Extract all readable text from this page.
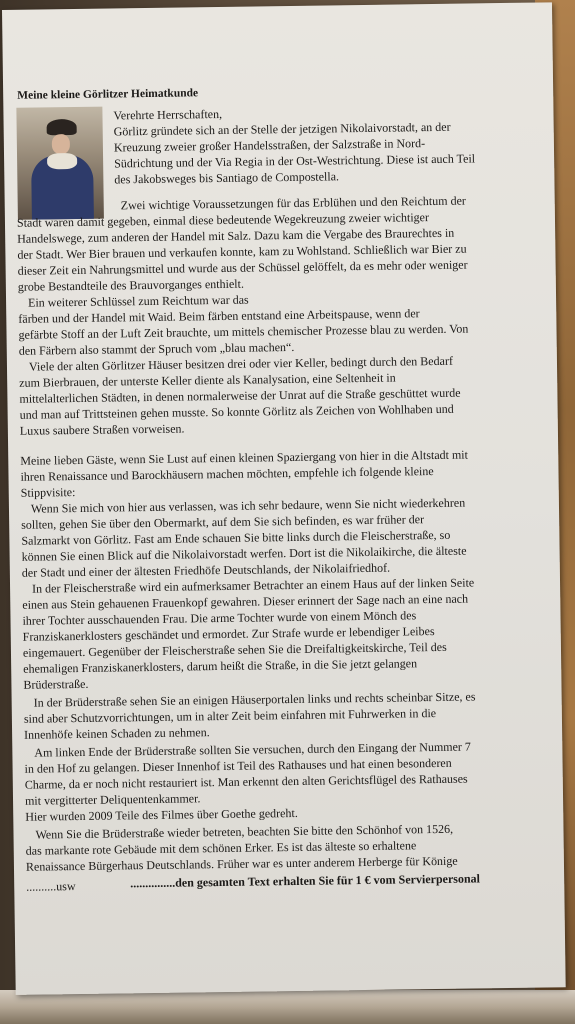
Meine kleine Görlitzer Heimatkunde
Verehrte Herrschaften,
Görlitz gründete sich an der Stelle der jetzigen Nikolaivorstadt, an der
Kreuzung zweier großer Handelsstraßen, der Salzstraße in Nord-
Südrichtung und der Via Regia in der Ost-Westrichtung. Diese ist auch Teil
des Jakobsweges bis Santiago de Compostella.
Zwei wichtige Voraussetzungen für das Erblühen und den Reichtum der
Stadt waren damit gegeben, einmal diese bedeutende Wegekreuzung zweier wichtiger
Handelswege, zum anderen der Handel mit Salz. Dazu kam die Vergabe des Braurechtes in
der Stadt. Wer Bier brauen und verkaufen konnte, kam zu Wohlstand. Schließlich war Bier zu
dieser Zeit ein Nahrungsmittel und wurde aus der Schüssel gelöffelt, da es mehr oder weniger
grobe Bestandteile des Brauvorganges enthielt.
Ein weiterer Schlüssel zum Reichtum war das
färben und der Handel mit Waid. Beim färben entstand eine Arbeitspause, wenn der
gefärbte Stoff an der Luft Zeit brauchte, um mittels chemischer Prozesse blau zu werden. Von
den Färbern also stammt der Spruch vom „blau machen“.
Viele der alten Görlitzer Häuser besitzen drei oder vier Keller, bedingt durch den Bedarf
zum Bierbrauen, der unterste Keller diente als Kanalysation, eine Seltenheit in
mittelalterlichen Städten, in denen normalerweise der Unrat auf die Straße geschüttet wurde
und man auf Trittsteinen gehen musste. So konnte Görlitz als Zeichen von Wohlhaben und
Luxus saubere Straßen vorweisen.
Meine lieben Gäste, wenn Sie Lust auf einen kleinen Spaziergang von hier in die Altstadt mit
ihren Renaissance und Barockhäusern machen möchten, empfehle ich folgende kleine
Stippvisite:
Wenn Sie mich von hier aus verlassen, was ich sehr bedaure, wenn Sie nicht wiederkehren
sollten, gehen Sie über den Obermarkt, auf dem Sie sich befinden, es war früher der
Salzmarkt von Görlitz. Fast am Ende schauen Sie bitte links durch die Fleischerstraße, so
können Sie einen Blick auf die Nikolaivorstadt werfen. Dort ist die Nikolaikirche, die älteste
der Stadt und einer der ältesten Friedhöfe Deutschlands, der Nikolaifriedhof.
In der Fleischerstraße wird ein aufmerksamer Betrachter an einem Haus auf der linken Seite
einen aus Stein gehauenen Frauenkopf gewahren. Dieser erinnert der Sage nach an eine nach
ihrer Tochter ausschauenden Frau. Die arme Tochter wurde von einem Mönch des
Franziskanerklosters geschändet und ermordet. Zur Strafe wurde er lebendiger Leibes
eingemauert. Gegenüber der Fleischerstraße sehen Sie die Dreifaltigkeitskirche, Teil des
ehemaligen Franziskanerklosters, darum heißt die Straße, in die Sie jetzt gelangen
Brüderstraße.
In der Brüderstraße sehen Sie an einigen Häuserportalen links und rechts scheinbar Sitze, es
sind aber Schutzvorrichtungen, um in alter Zeit beim einfahren mit Fuhrwerken in die
Innenhöfe keinen Schaden zu nehmen.
Am linken Ende der Brüderstraße sollten Sie versuchen, durch den Eingang der Nummer 7
in den Hof zu gelangen. Dieser Innenhof ist Teil des Rathauses und hat einen besonderen
Charme, da er noch nicht restauriert ist. Man erkennt den alten Gerichtsflügel des Rathauses
mit vergitterter Deliquentenkammer.
Hier wurden 2009 Teile des Filmes über Goethe gedreht.
Wenn Sie die Brüderstraße wieder betreten, beachten Sie bitte den Schönhof von 1526,
das markante rote Gebäude mit dem schönen Erker. Es ist das älteste so erhaltene
Renaissance Bürgerhaus Deutschlands. Früher war es unter anderem Herberge für Könige
..........usw	...............den gesamten Text erhalten Sie für 1 € vom Servierpersonal
